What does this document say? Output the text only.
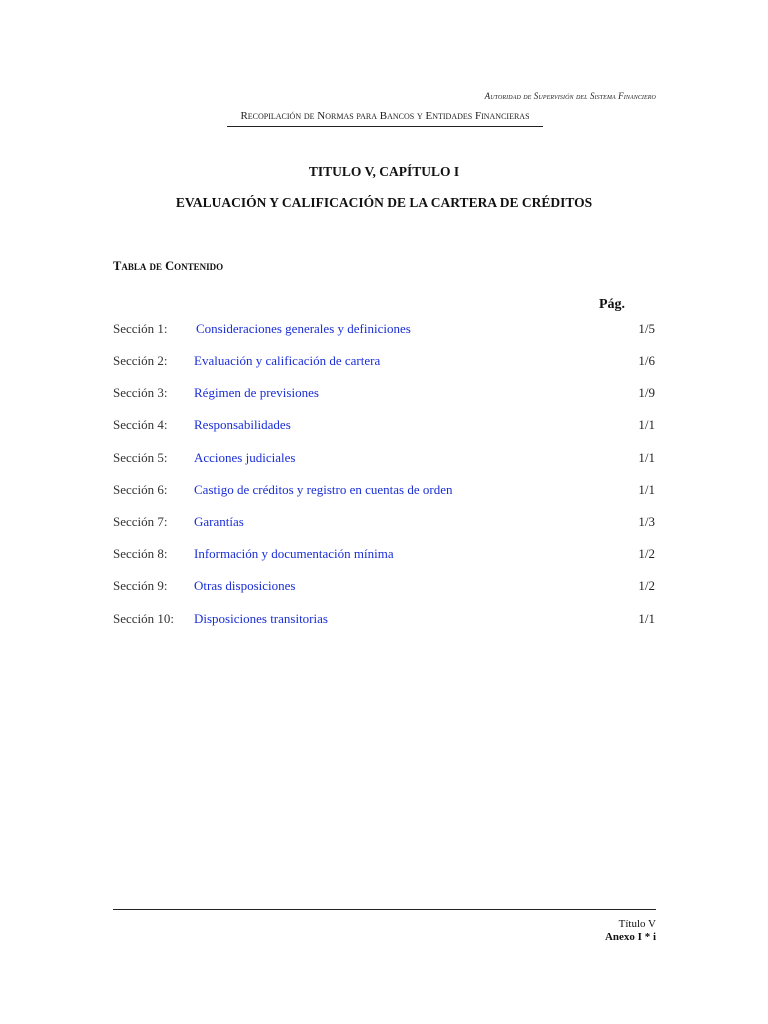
Autoridad de Supervisión del Sistema Financiero
Recopilación de Normas para Bancos y Entidades Financieras
TITULO V, CAPÍTULO I
EVALUACIÓN Y CALIFICACIÓN DE LA CARTERA DE CRÉDITOS
Tabla de Contenido
Pág.
Sección 1: Consideraciones generales y definiciones	1/5
Sección 2: Evaluación y calificación de cartera	1/6
Sección 3: Régimen de previsiones	1/9
Sección 4: Responsabilidades	1/1
Sección 5: Acciones judiciales	1/1
Sección 6: Castigo de créditos y registro en cuentas de orden	1/1
Sección 7: Garantías	1/3
Sección 8: Información y documentación mínima	1/2
Sección 9: Otras disposiciones	1/2
Sección 10: Disposiciones transitorias	1/1
Título V
Anexo I * i
